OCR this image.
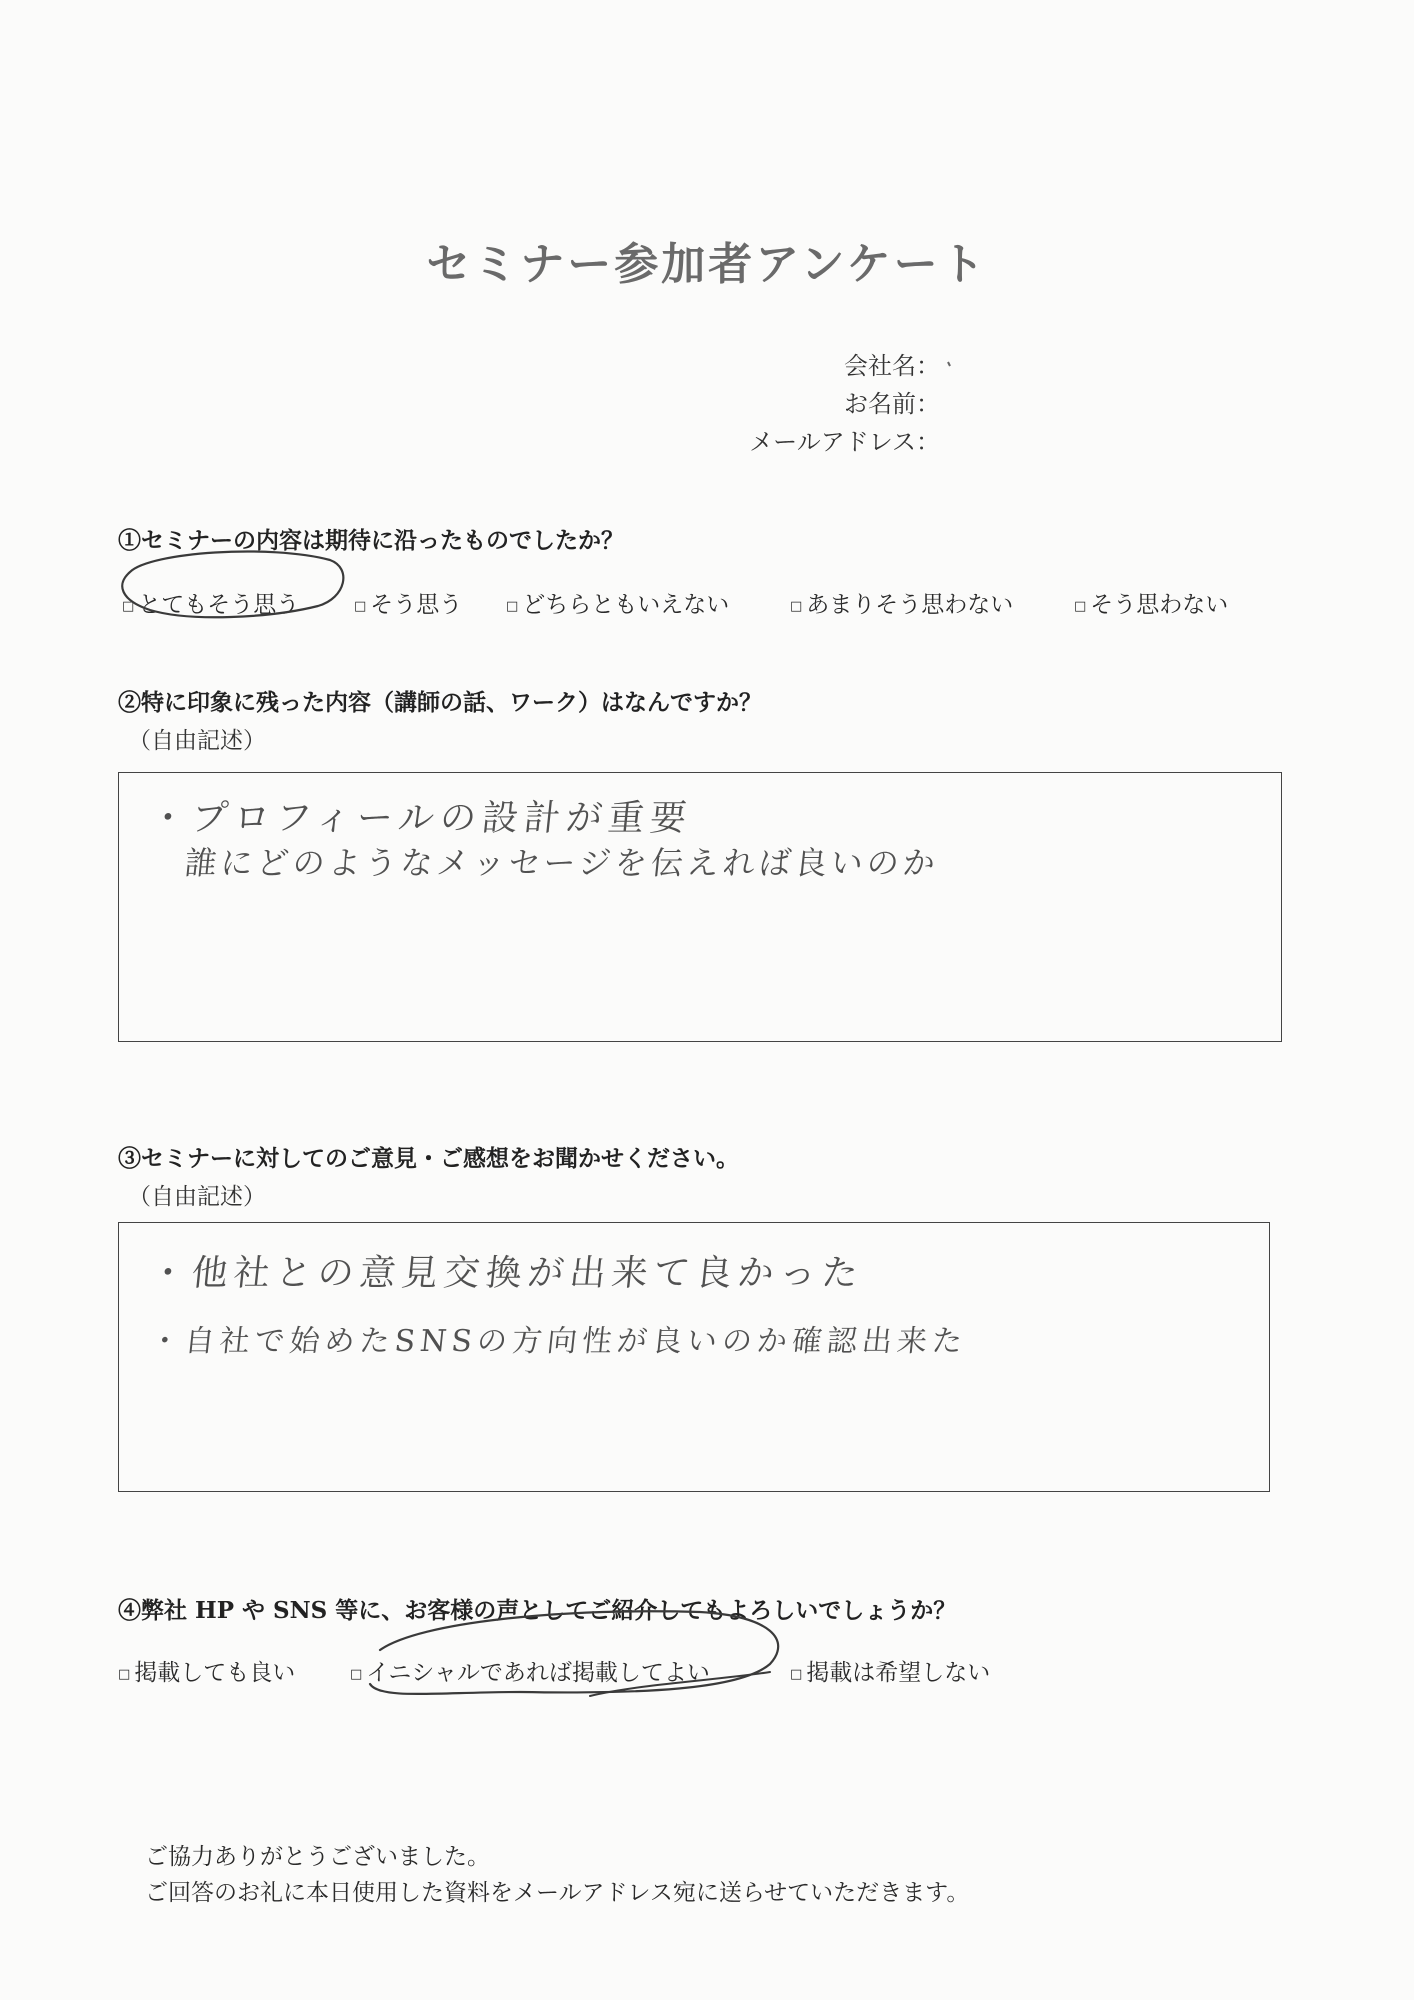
セミナー参加者アンケート
会社名：
お名前：
メールアドレス：
①セミナーの内容は期待に沿ったものでしたか？
□ とてもそう思う	□ そう思う	□ どちらともいえない	□ あまりそう思わない	□ そう思わない
②特に印象に残った内容（講師の話、ワーク）はなんですか？
（自由記述）
・プロフィールの設計が重要
誰にどのようなメッセージを伝えれば良いのか
③セミナーに対してのご意見・ご感想をお聞かせください。
（自由記述）
・他社との意見交換が出来て良かった
・自社で始めたSNSの方向性が良いのか確認出来た
④弊社 HP や SNS 等に、お客様の声としてご紹介してもよろしいでしょうか？
□ 掲載しても良い	□ イニシャルであれば掲載してよい	□ 掲載は希望しない
ご協力ありがとうございました。
ご回答のお礼に本日使用した資料をメールアドレス宛に送らせていただきます。
